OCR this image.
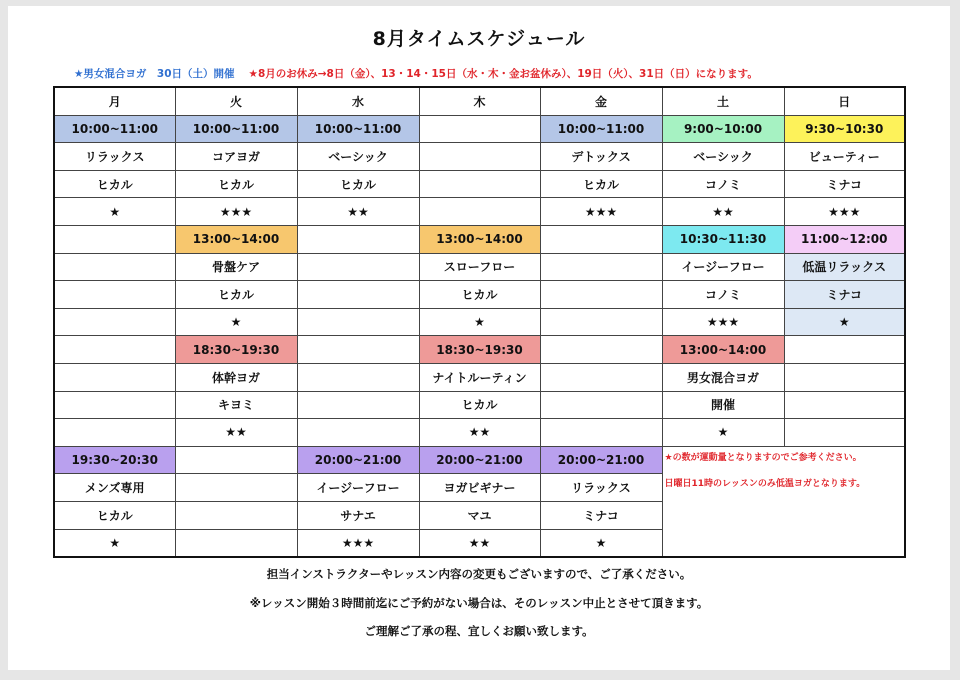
8月タイムスケジュール
★男女混合ヨガ　30日（土）開催 ★8月のお休み→8日（金）、13・14・15日（水・木・金お盆休み）、19日（火）、31日（日）になります。
月	火	水	木	金	土	日
10:00~11:00	10:00~11:00	10:00~11:00		10:00~11:00	9:00~10:00	9:30~10:30
リラックス	コアヨガ	ベーシック		デトックス	ベーシック	ビューティー
ヒカル	ヒカル	ヒカル		ヒカル	コノミ	ミナコ
★	★★★	★★		★★★	★★	★★★
	13:00~14:00		13:00~14:00		10:30~11:30	11:00~12:00
	骨盤ケア		スローフロー		イージーフロー	低温リラックス
	ヒカル		ヒカル		コノミ	ミナコ
	★		★		★★★	★
	18:30~19:30		18:30~19:30		13:00~14:00	
	体幹ヨガ		ナイトルーティン		男女混合ヨガ	
	キヨミ		ヒカル		開催	
	★★		★★		★	
19:30~20:30		20:00~21:00	20:00~21:00	20:00~21:00	★の数が運動量となりますのでご参考ください。
日曜日11時のレッスンのみ低温ヨガとなります。	

メンズ専用		イージーフロー	ヨガビギナー	リラックス		
ヒカル		サナエ	マユ	ミナコ		
★		★★★	★★	★		
担当インストラクターやレッスン内容の変更もございますので、ご了承ください。
※レッスン開始３時間前迄にご予約がない場合は、そのレッスン中止とさせて頂きます。
ご理解ご了承の程、宜しくお願い致します。
